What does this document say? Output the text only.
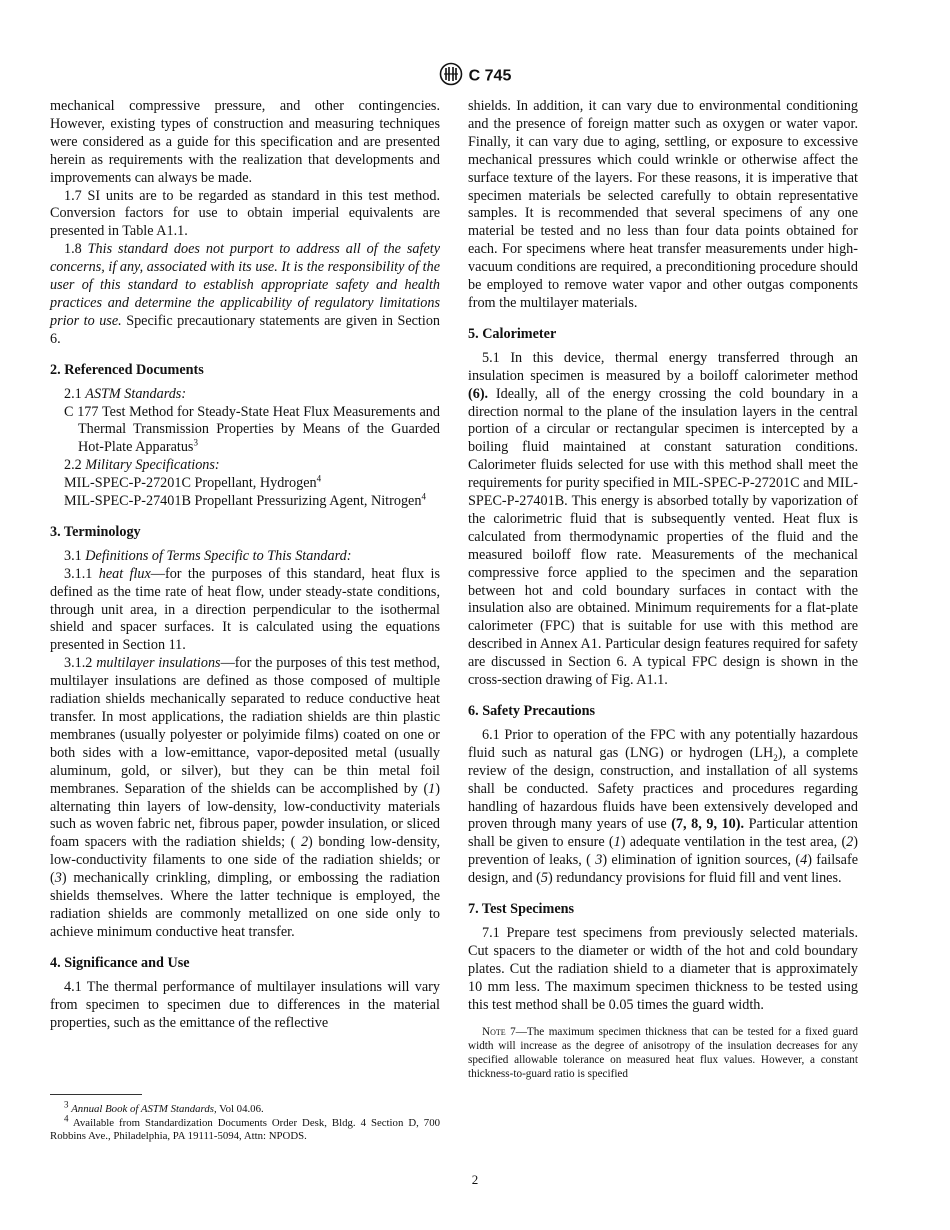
C 745

mechanical compressive pressure, and other contingencies. However, existing types of construction and measuring techniques were considered as a guide for this specification and are presented herein as requirements with the realization that developments and improvements can always be made.

1.7 SI units are to be regarded as standard in this test method. Conversion factors for use to obtain imperial equivalents are presented in Table A1.1.

1.8 This standard does not purport to address all of the safety concerns, if any, associated with its use. It is the responsibility of the user of this standard to establish appropriate safety and health practices and determine the applicability of regulatory limitations prior to use. Specific precautionary statements are given in Section 6.

2. Referenced Documents

2.1 ASTM Standards:

C 177 Test Method for Steady-State Heat Flux Measurements and Thermal Transmission Properties by Means of the Guarded Hot-Plate Apparatus$^3$

2.2 Military Specifications:

MIL-SPEC-P-27201C Propellant, Hydrogen$^4$

MIL-SPEC-P-27401B Propellant Pressurizing Agent, Nitrogen$^4$

3. Terminology

3.1 Definitions of Terms Specific to This Standard:

3.1.1 heat flux—for the purposes of this standard, heat flux is defined as the time rate of heat flow, under steady-state conditions, through unit area, in a direction perpendicular to the isothermal shield and spacer surfaces. It is calculated using the equations presented in Section 11.

3.1.2 multilayer insulations—for the purposes of this test method, multilayer insulations are defined as those composed of multiple radiation shields mechanically separated to reduce conductive heat transfer. In most applications, the radiation shields are thin plastic membranes (usually polyester or polyimide films) coated on one or both sides with a low-emittance, vapor-deposited metal (usually aluminum, gold, or silver), but they can be thin metal foil membranes. Separation of the shields can be accomplished by (1) alternating thin layers of low-density, low-conductivity materials such as woven fabric net, fibrous paper, powder insulation, or sliced foam spacers with the radiation shields; ( 2) bonding low-density, low-conductivity filaments to one side of the radiation shields; or (3) mechanically crinkling, dimpling, or embossing the radiation shields themselves. Where the latter technique is employed, the radiation shields are commonly metallized on one side only to achieve minimum conductive heat transfer.

4. Significance and Use

4.1 The thermal performance of multilayer insulations will vary from specimen to specimen due to differences in the material properties, such as the emittance of the reflective

shields. In addition, it can vary due to environmental conditioning and the presence of foreign matter such as oxygen or water vapor. Finally, it can vary due to aging, settling, or exposure to excessive mechanical pressures which could wrinkle or otherwise affect the surface texture of the layers. For these reasons, it is imperative that specimen materials be selected carefully to obtain representative samples. It is recommended that several specimens of any one material be tested and no less than four data points obtained for each. For specimens where heat transfer measurements under high-vacuum conditions are required, a preconditioning procedure should be employed to remove water vapor and other outgas components from the multilayer materials.

5. Calorimeter

5.1 In this device, thermal energy transferred through an insulation specimen is measured by a boiloff calorimeter method (6). Ideally, all of the energy crossing the cold boundary in a direction normal to the plane of the insulation layers in the central portion of a circular or rectangular specimen is intercepted by a boiling fluid maintained at constant saturation conditions. Calorimeter fluids selected for use with this method shall meet the requirements for purity specified in MIL-SPEC-P-27201C and MIL-SPEC-P-27401B. This energy is absorbed totally by vaporization of the calorimetric fluid that is subsequently vented. Heat flux is calculated from thermodynamic properties of the fluid and the measured boiloff flow rate. Measurements of the mechanical compressive force applied to the specimen and the separation between hot and cold boundary surfaces in contact with the insulation also are obtained. Minimum requirements for a flat-plate calorimeter (FPC) that is suitable for use with this method are described in Annex A1. Particular design features required for safety are discussed in Section 6. A typical FPC design is shown in the cross-section drawing of Fig. A1.1.

6. Safety Precautions

6.1 Prior to operation of the FPC with any potentially hazardous fluid such as natural gas (LNG) or hydrogen $(LH_2)$, a complete review of the design, construction, and installation of all systems shall be conducted. Safety practices and procedures regarding handling of hazardous fluids have been extensively developed and proven through many years of use (7, 8, 9, 10). Particular attention shall be given to ensure (1) adequate ventilation in the test area, (2) prevention of leaks, ( 3) elimination of ignition sources, (4) failsafe design, and (5) redundancy provisions for fluid fill and vent lines.

7. Test Specimens

7.1 Prepare test specimens from previously selected materials. Cut spacers to the diameter or width of the hot and cold boundary plates. Cut the radiation shield to a diameter that is approximately 10 mm less. The maximum specimen thickness to be tested using this test method shall be 0.05 times the guard width.

Note 7—The maximum specimen thickness that can be tested for a fixed guard width will increase as the degree of anisotropy of the insulation decreases for any specified allowable tolerance on measured heat flux values. However, a constant thickness-to-guard ratio is specified

$^3$ Annual Book of ASTM Standards, Vol 04.06.

$^4$ Available from Standardization Documents Order Desk, Bldg. 4 Section D, 700 Robbins Ave., Philadelphia, PA 19111-5094, Attn: NPODS.

2
